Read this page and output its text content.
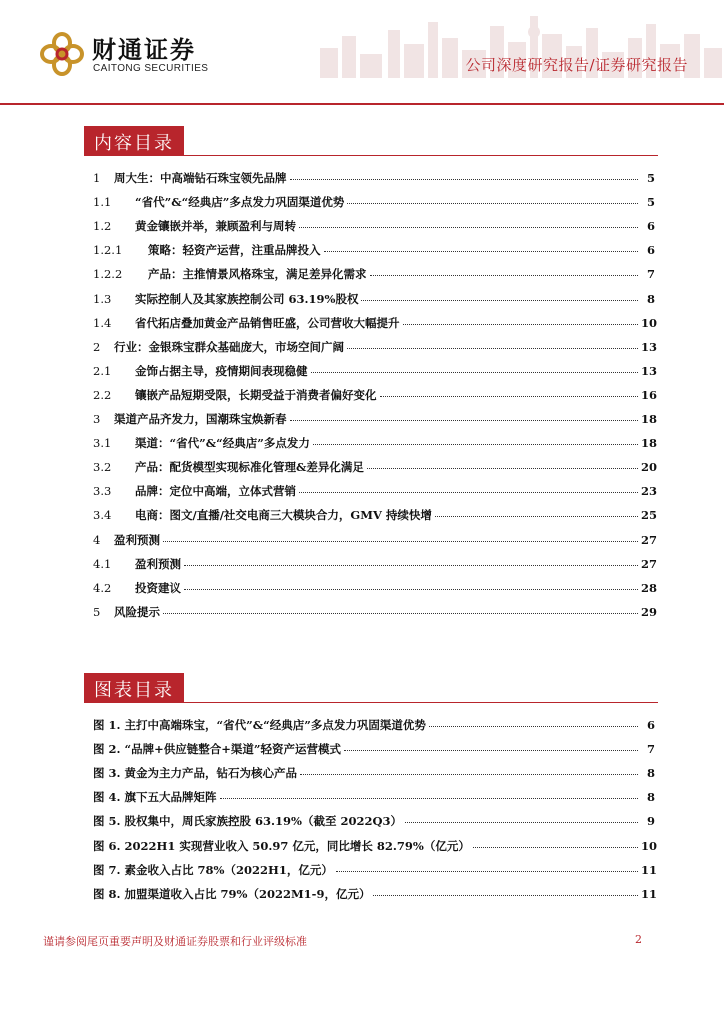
财通证券
CAITONG SECURITIES	公司深度研究报告/证券研究报告
内容目录
1	周大生：中高端钻石珠宝领先品牌	5
1.1	“省代”&“经典店”多点发力巩固渠道优势	5
1.2	黄金镶嵌并举，兼顾盈利与周转	6
1.2.1	策略：轻资产运营，注重品牌投入	6
1.2.2	产品：主推情景风格珠宝，满足差异化需求	7
1.3	实际控制人及其家族控制公司 63.19%股权	8
1.4	省代拓店叠加黄金产品销售旺盛，公司营收大幅提升	10
2	行业：金银珠宝群众基础庞大，市场空间广阔	13
2.1	金饰占据主导，疫情期间表现稳健	13
2.2	镶嵌产品短期受限，长期受益于消费者偏好变化	16
3	渠道产品齐发力，国潮珠宝焕新春	18
3.1	渠道：“省代”&“经典店”多点发力	18
3.2	产品：配货模型实现标准化管理&差异化满足	20
3.3	品牌：定位中高端，立体式营销	23
3.4	电商：图文/直播/社交电商三大模块合力，GMV 持续快增	25
4	盈利预测	27
4.1	盈利预测	27
4.2	投资建议	28
5	风险提示	29
图表目录
图 1. 主打中高端珠宝，“省代”&“经典店”多点发力巩固渠道优势	6
图 2. “品牌+供应链整合+渠道”轻资产运营模式	7
图 3. 黄金为主力产品，钻石为核心产品	8
图 4. 旗下五大品牌矩阵	8
图 5. 股权集中，周氏家族控股 63.19%（截至 2022Q3）	9
图 6. 2022H1 实现营业收入 50.97 亿元，同比增长 82.79%（亿元）	10
图 7. 素金收入占比 78%（2022H1，亿元）	11
图 8. 加盟渠道收入占比 79%（2022M1-9，亿元）	11
谨请参阅尾页重要声明及财通证券股票和行业评级标准	2
